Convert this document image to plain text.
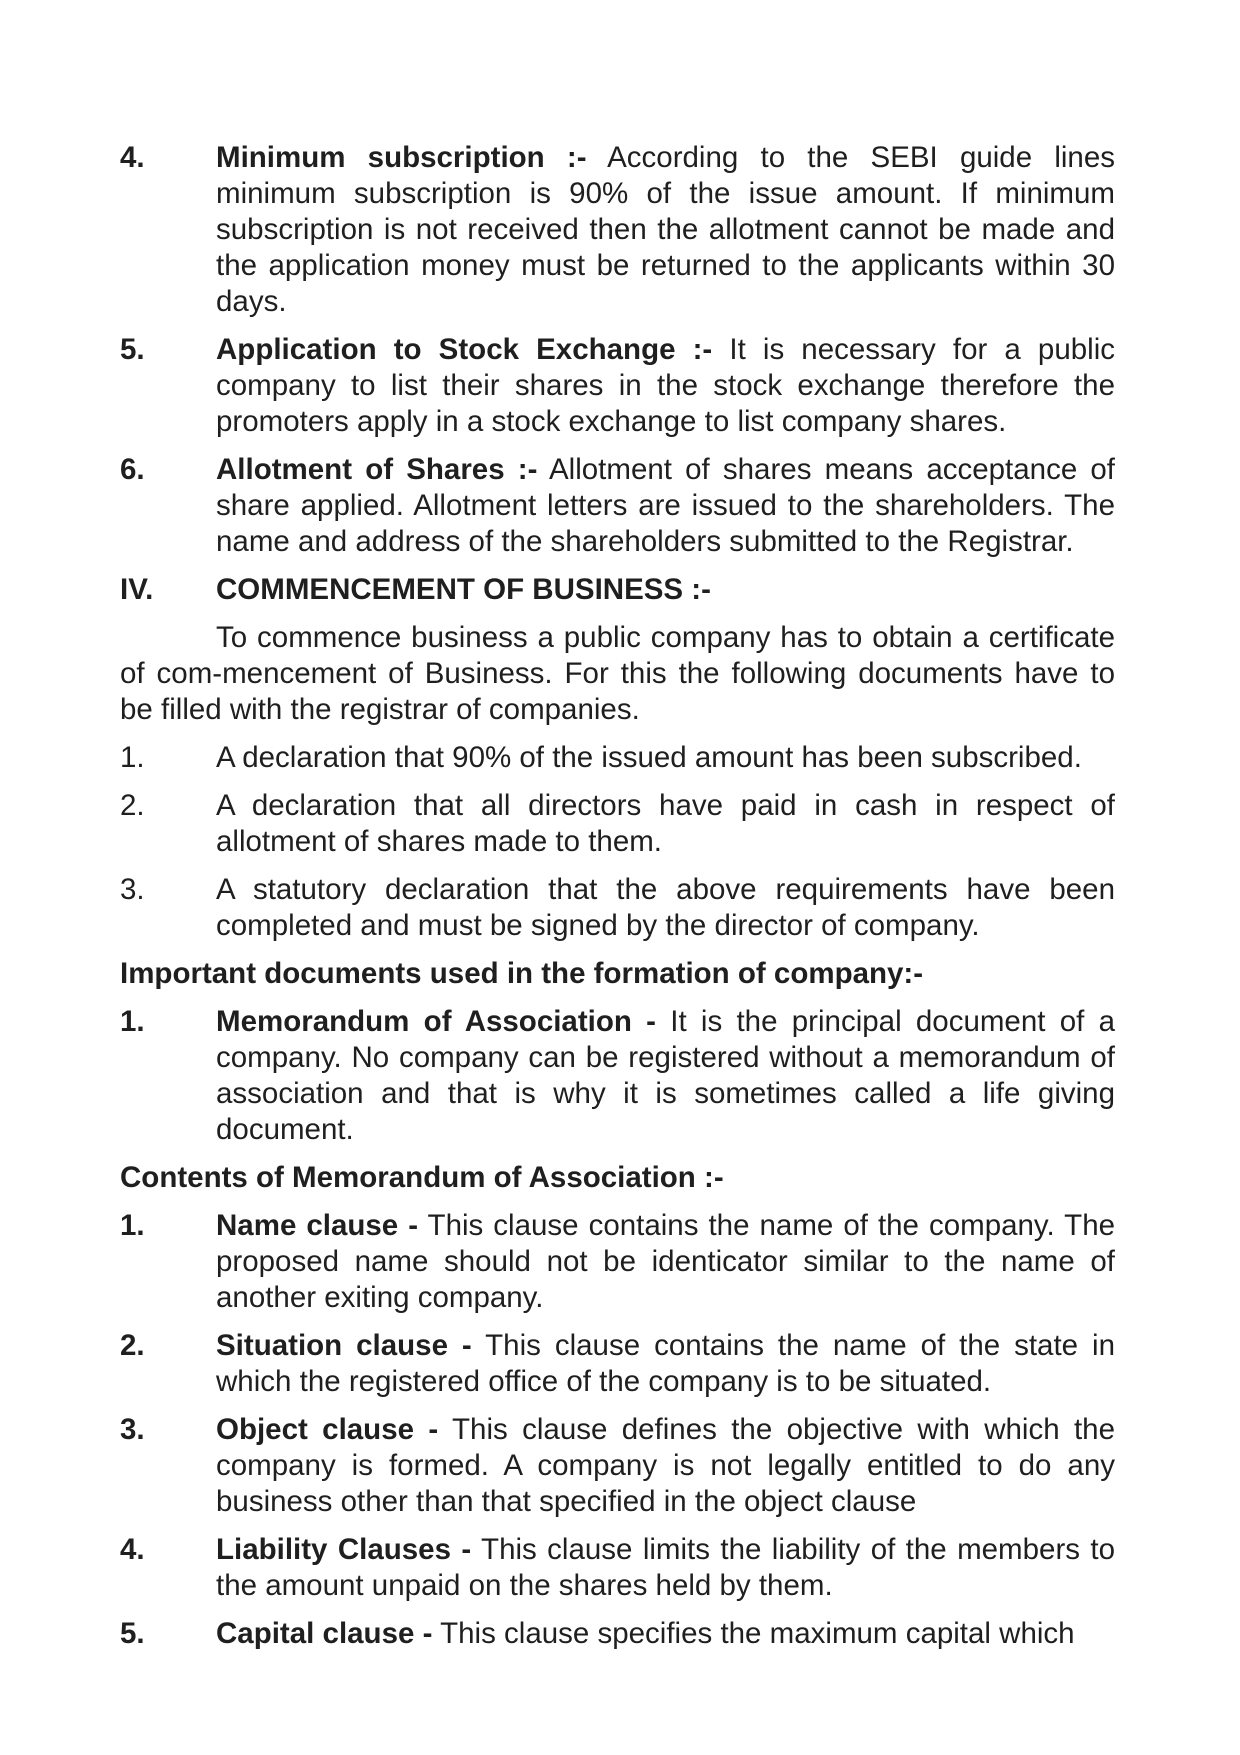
4.	Minimum subscription :- According to the SEBI guide lines minimum subscription is 90% of the issue amount. If minimum subscription is not received then the allotment cannot be made and the application money must be returned to the applicants within 30 days.
5.	Application to Stock Exchange :- It is necessary for a public company to list their shares in the stock exchange therefore the promoters apply in a stock exchange to list company shares.
6.	Allotment of Shares :- Allotment of shares means acceptance of share applied. Allotment letters are issued to the shareholders. The name and address of the shareholders submitted to the Registrar.
IV.	COMMENCEMENT OF BUSINESS :-
To commence business a public company has to obtain a certificate of com-mencement of Business. For this the following documents have to be filled with the registrar of companies.
1.	A declaration that 90% of the issued amount has been subscribed.
2.	A declaration that all directors have paid in cash in respect of allotment of shares made to them.
3.	A statutory declaration that the above requirements have been completed and must be signed by the director of company.
Important documents used in the formation of company:-
1.	Memorandum of Association - It is the principal document of a company. No company can be registered without a memorandum of association and that is why it is sometimes called a life giving document.
Contents of Memorandum of Association :-
1.	Name clause - This clause contains the name of the company. The proposed name should not be identicator similar to the name of another exiting company.
2.	Situation clause - This clause contains the name of the state in which the registered office of the company is to be situated.
3.	Object clause - This clause defines the objective with which the company is formed. A company is not legally entitled to do any business other than that specified in the object clause
4.	Liability Clauses - This clause limits the liability of the members to the amount unpaid on the shares held by them.
5.	Capital clause - This clause specifies the maximum capital which
